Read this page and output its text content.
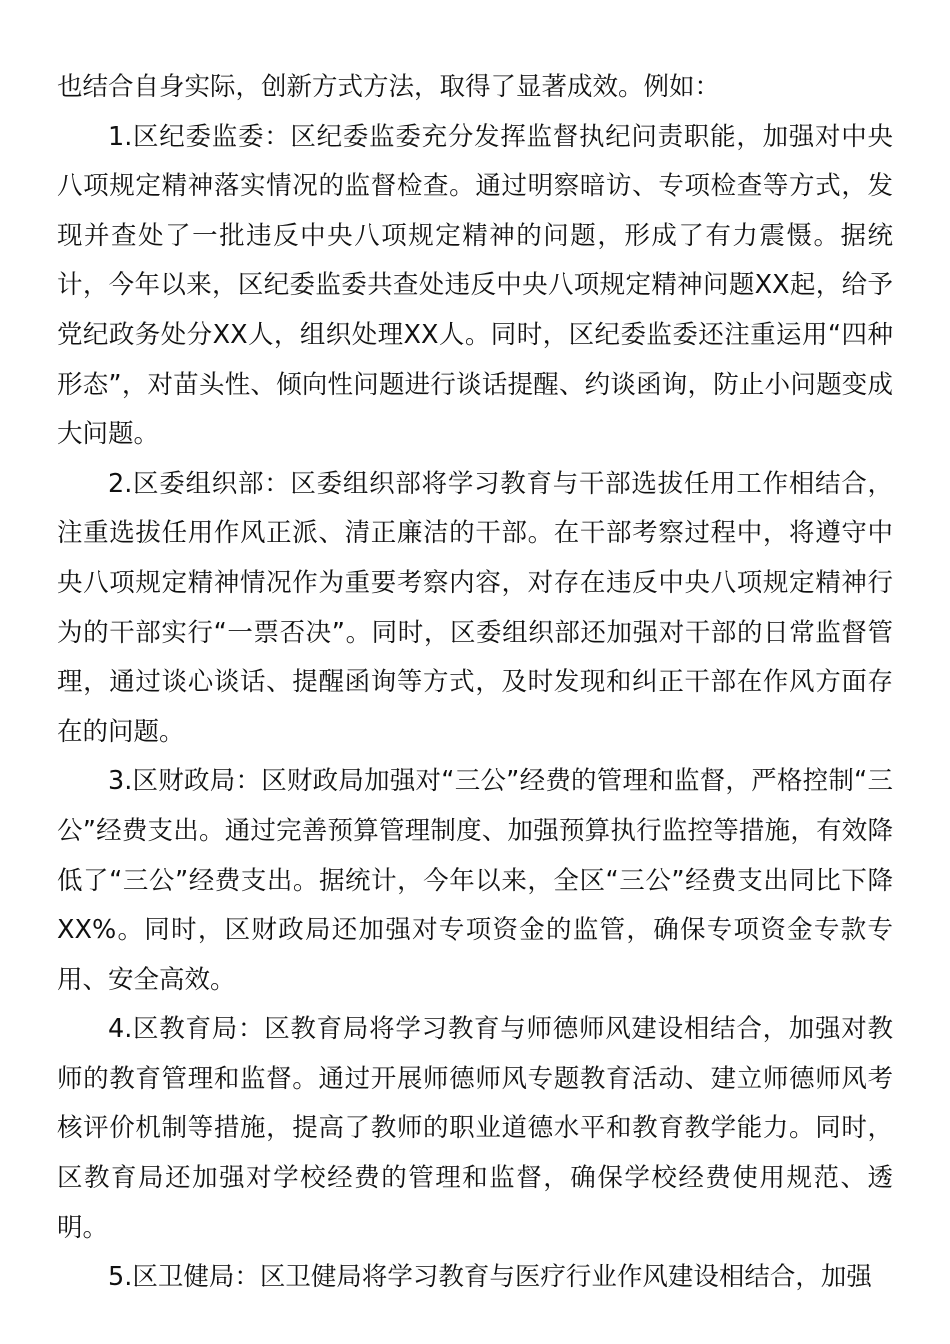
也结合自身实际，创新方式方法，取得了显著成效。例如：

1.区纪委监委：区纪委监委充分发挥监督执纪问责职能，加强对中央八项规定精神落实情况的监督检查。通过明察暗访、专项检查等方式，发现并查处了一批违反中央八项规定精神的问题，形成了有力震慑。据统计，今年以来，区纪委监委共查处违反中央八项规定精神问题XX起，给予党纪政务处分XX人，组织处理XX人。同时，区纪委监委还注重运用“四种形态”，对苗头性、倾向性问题进行谈话提醒、约谈函询，防止小问题变成大问题。

2.区委组织部：区委组织部将学习教育与干部选拔任用工作相结合，注重选拔任用作风正派、清正廉洁的干部。在干部考察过程中，将遵守中央八项规定精神情况作为重要考察内容，对存在违反中央八项规定精神行为的干部实行“一票否决”。同时，区委组织部还加强对干部的日常监督管理，通过谈心谈话、提醒函询等方式，及时发现和纠正干部在作风方面存在的问题。

3.区财政局：区财政局加强对“三公”经费的管理和监督，严格控制“三公”经费支出。通过完善预算管理制度、加强预算执行监控等措施，有效降低了“三公”经费支出。据统计，今年以来，全区“三公”经费支出同比下降XX%。同时，区财政局还加强对专项资金的监管，确保专项资金专款专用、安全高效。

4.区教育局：区教育局将学习教育与师德师风建设相结合，加强对教师的教育管理和监督。通过开展师德师风专题教育活动、建立师德师风考核评价机制等措施，提高了教师的职业道德水平和教育教学能力。同时，区教育局还加强对学校经费的管理和监督，确保学校经费使用规范、透明。

5.区卫健局：区卫健局将学习教育与医疗行业作风建设相结合，加强
